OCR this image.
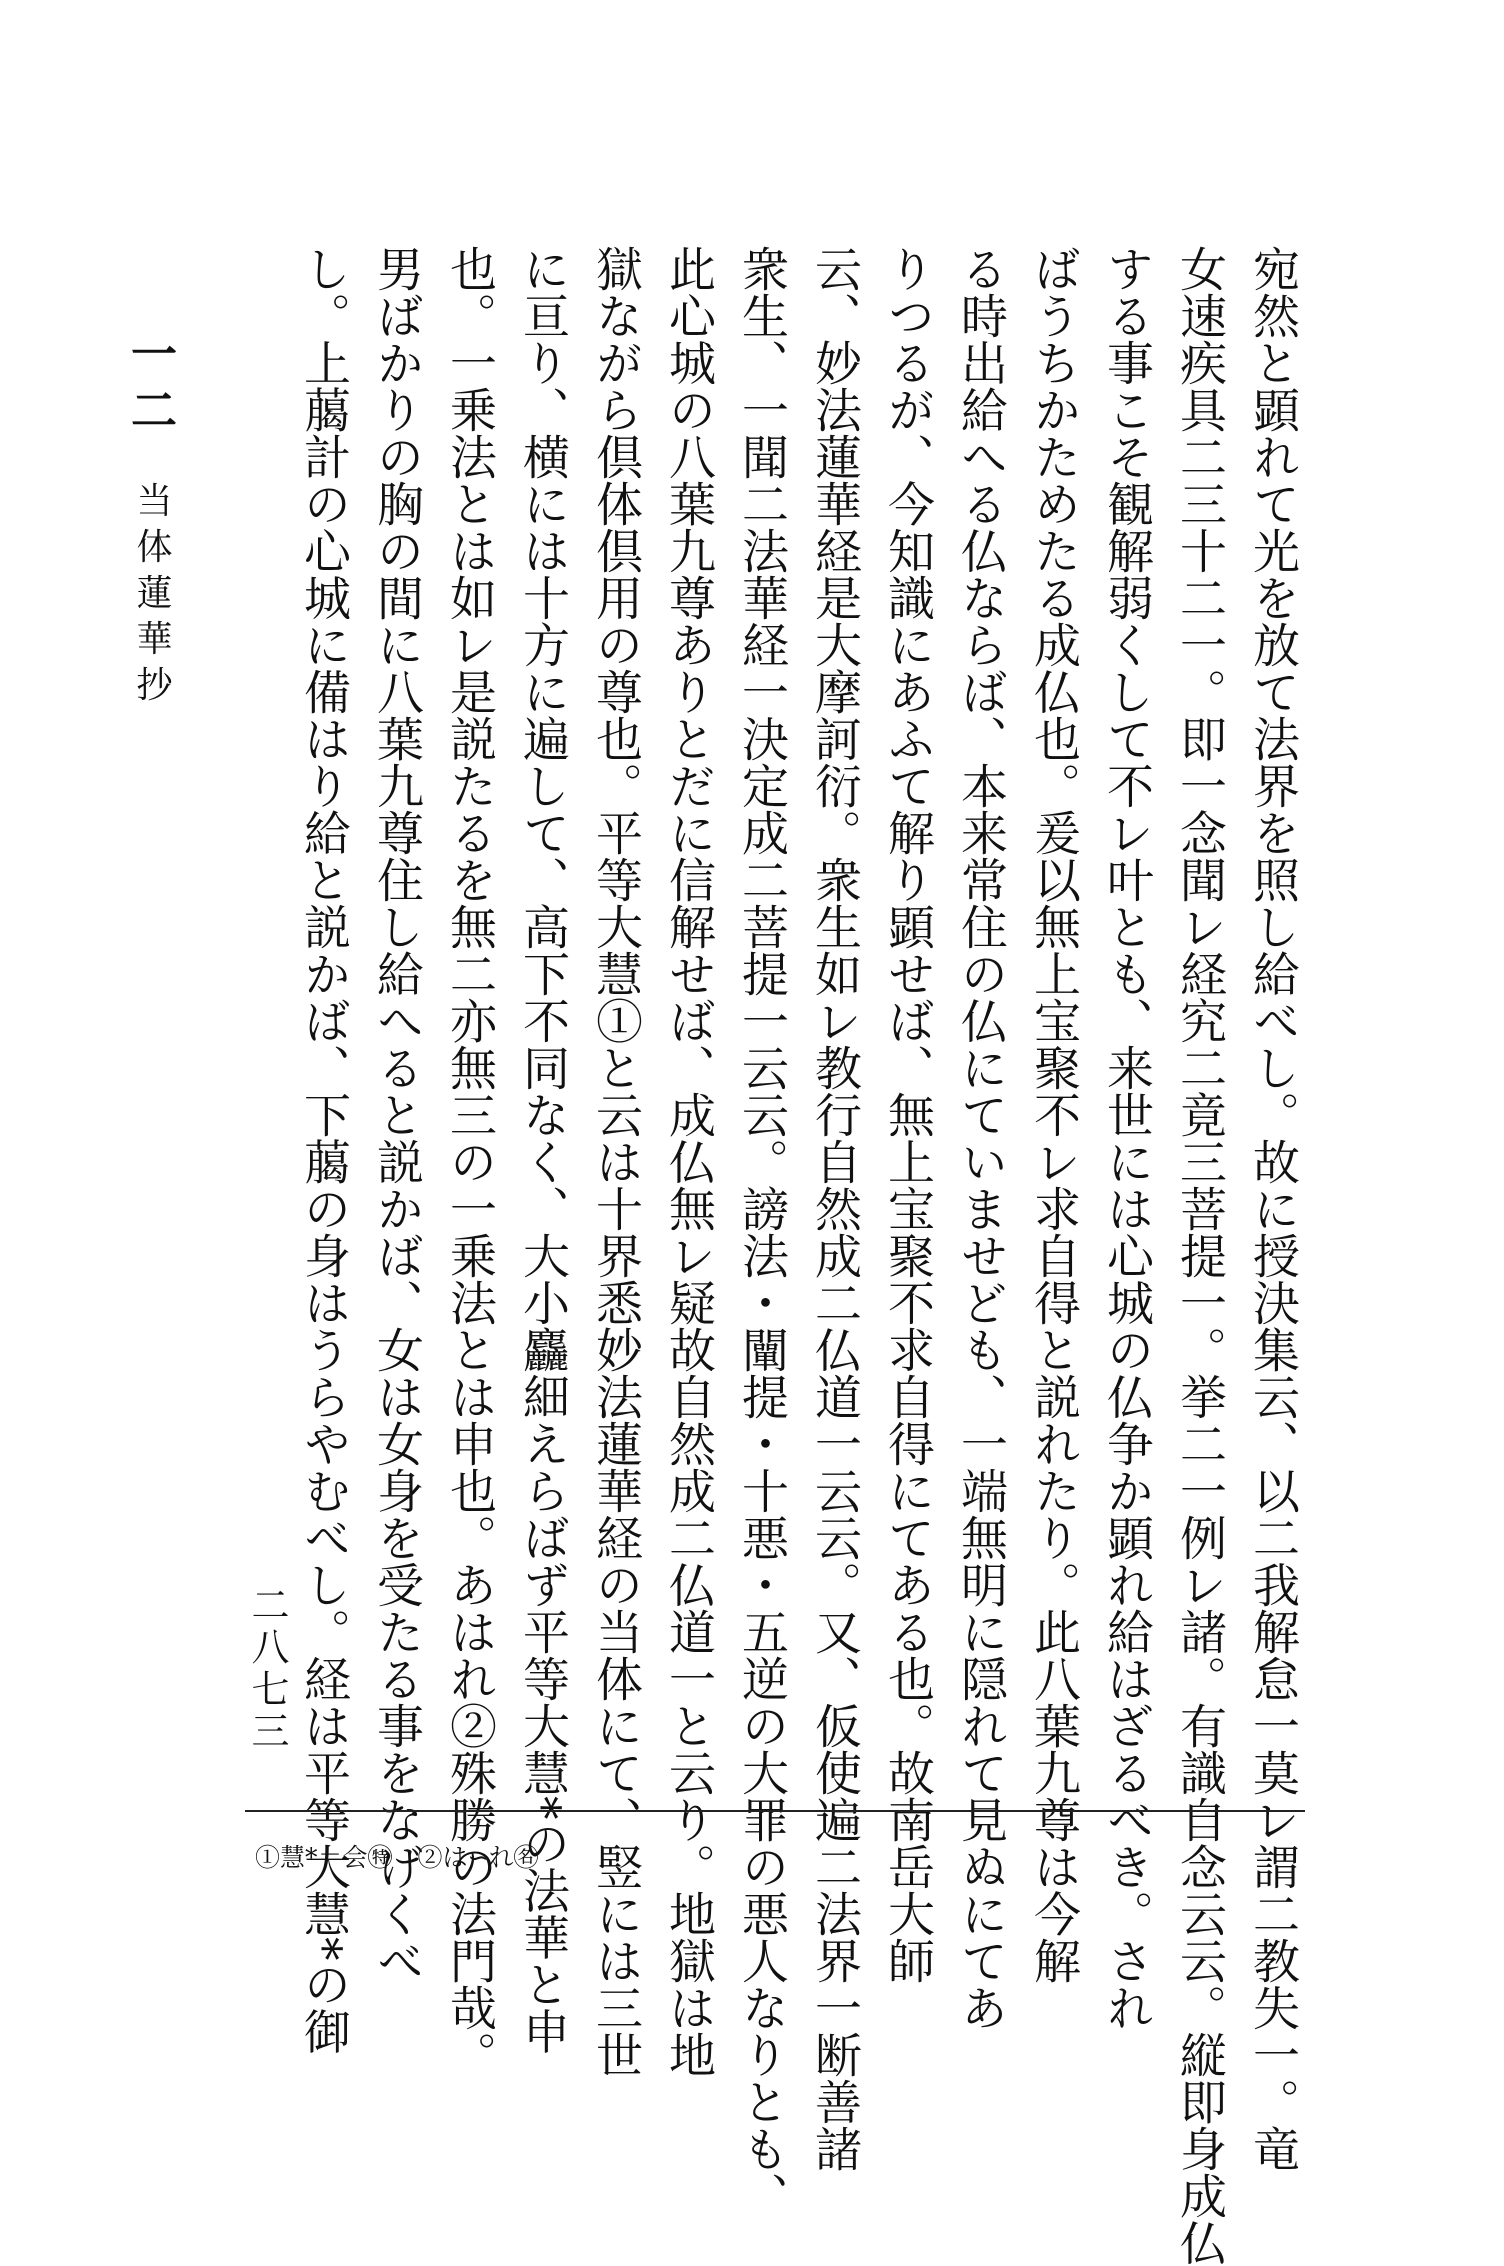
宛然と顕れて光を放て法界を照し給べし。故に授決集云、以二我解怠一莫レ謂二教失一。竜
女速疾具二三十二一。即一念聞レ経究二竟三菩提一。挙二一例レ諸。有識自念云云。縦即身成仏
する事こそ観解弱くして不レ叶とも、来世には心城の仏争か顕れ給はざるべき。され
ばうちかためたる成仏也。爰以無上宝聚不レ求自得と説れたり。此八葉九尊は今解
る時出給へる仏ならば、本来常住の仏にていませども、一端無明に隠れて見ぬにてあ
りつるが、今知識にあふて解り顕せば、無上宝聚不求自得にてある也。故南岳大師
云、妙法蓮華経是大摩訶衍。衆生如レ教行自然成二仏道一云云。又、仮使遍二法界一断善諸
衆生、一聞二法華経一決定成二菩提一云云。謗法・闡提・十悪・五逆の大罪の悪人なりとも、
此心城の八葉九尊ありとだに信解せば、成仏無レ疑故自然成二仏道一と云り。地獄は地
獄ながら倶体倶用の尊也。平等大慧①と云は十界悉妙法蓮華経の当体にて、竪には三世
に亘り、横には十方に遍して、高下不同なく、大小麤細えらばず平等大慧*の法華と申
也。一乗法とは如レ是説たるを無二亦無三の一乗法とは申也。あはれ②殊勝の法門哉。
男ばかりの胸の間に八葉九尊住し給へると説かば、女は女身を受たる事をなげくべ
し。上﨟計の心城に備はり給と説かば、下﨟の身はうらやむべし。経は平等大慧*の御
一二 当体蓮華抄
二八七三
①慧*＝会㊕　②は∽れ㊔
